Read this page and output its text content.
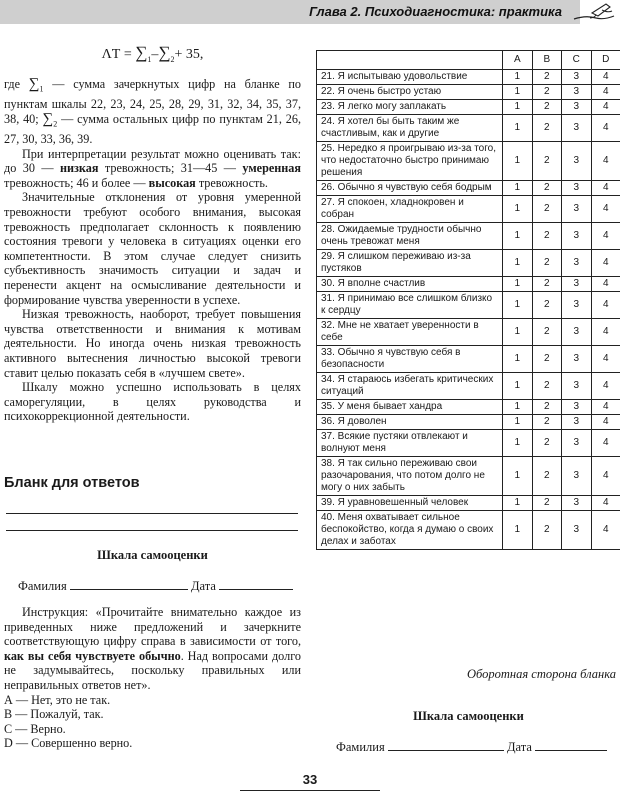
Глава 2. Психодиагностика: практика
$\Lambda Т = \sum_1-\sum_2+ 35$,

где $\sum_1$ — сумма зачеркнутых цифр на бланке по пунктам шкалы 22, 23, 24, 25, 28, 29, 31, 32, 34, 35, 37, 38, 40; $\sum_2$ — сумма остальных цифр по пунктам 21, 26, 27, 30, 33, 36, 39.

При интерпретации результат можно оценивать так: до 30 — низкая тревожность; 31—45 — умеренная тревожность; 46 и более — высокая тревожность.

Значительные отклонения от уровня умеренной тревожности требуют особого внимания, высокая тревожность предполагает склонность к появлению состояния тревоги у человека в ситуациях оценки его компетентности. В этом случае следует снизить субъективность значимость ситуации и задач и перенести акцент на осмысливание деятельности и формирование чувства уверенности в успехе.

Низкая тревожность, наоборот, требует повышения чувства ответственности и внимания к мотивам деятельности. Но иногда очень низкая тревожность активного вытеснения личностью высокой тревоги ставит целью показать себя в «лучшем свете».

Шкалу можно успешно использовать в целях саморегуляции, в целях руководства и психокоррекционной деятельности.

Бланк для ответов
Шкала самооценки
Фамилия	Дата

Инструкция: «Прочитайте внимательно каждое из приведенных ниже предложений и зачеркните соответствующую цифру справа в зависимости от того, как вы себя чувствуете обычно. Над вопросами долго не задумывайтесь, поскольку правильных или неправильных ответов нет».

А — Нет, это не так.

В — Пожалуй, так.

С — Верно.

D — Совершенно верно.

	A	B	C	D
21. Я испытываю удовольствие	1	2	3	4
22. Я очень быстро устаю	1	2	3	4
23. Я легко могу заплакать	1	2	3	4
24. Я хотел бы быть таким же счастливым, как и другие	1	2	3	4
25. Нередко я проигрываю из-за того, что недостаточно быстро принимаю решения	1	2	3	4
26. Обычно я чувствую себя бодрым	1	2	3	4
27. Я спокоен, хладнокровен и собран	1	2	3	4
28. Ожидаемые трудности обычно очень тревожат меня	1	2	3	4
29. Я слишком переживаю из-за пустяков	1	2	3	4
30. Я вполне счастлив	1	2	3	4
31. Я принимаю все слишком близко к сердцу	1	2	3	4
32. Мне не хватает уверенности в себе	1	2	3	4
33. Обычно я чувствую себя в безопасности	1	2	3	4
34. Я стараюсь избегать критических ситуаций	1	2	3	4
35. У меня бывает хандра	1	2	3	4
36. Я доволен	1	2	3	4
37. Всякие пустяки отвлекают и волнуют меня	1	2	3	4
38. Я так сильно переживаю свои разочарования, что потом долго не могу о них забыть	1	2	3	4
39. Я уравновешенный человек	1	2	3	4
40. Меня охватывает сильное беспокойство, когда я думаю о своих делах и заботах	1	2	3	4
Оборотная сторона бланка
Шкала самооценки
Фамилия	Дата
33
